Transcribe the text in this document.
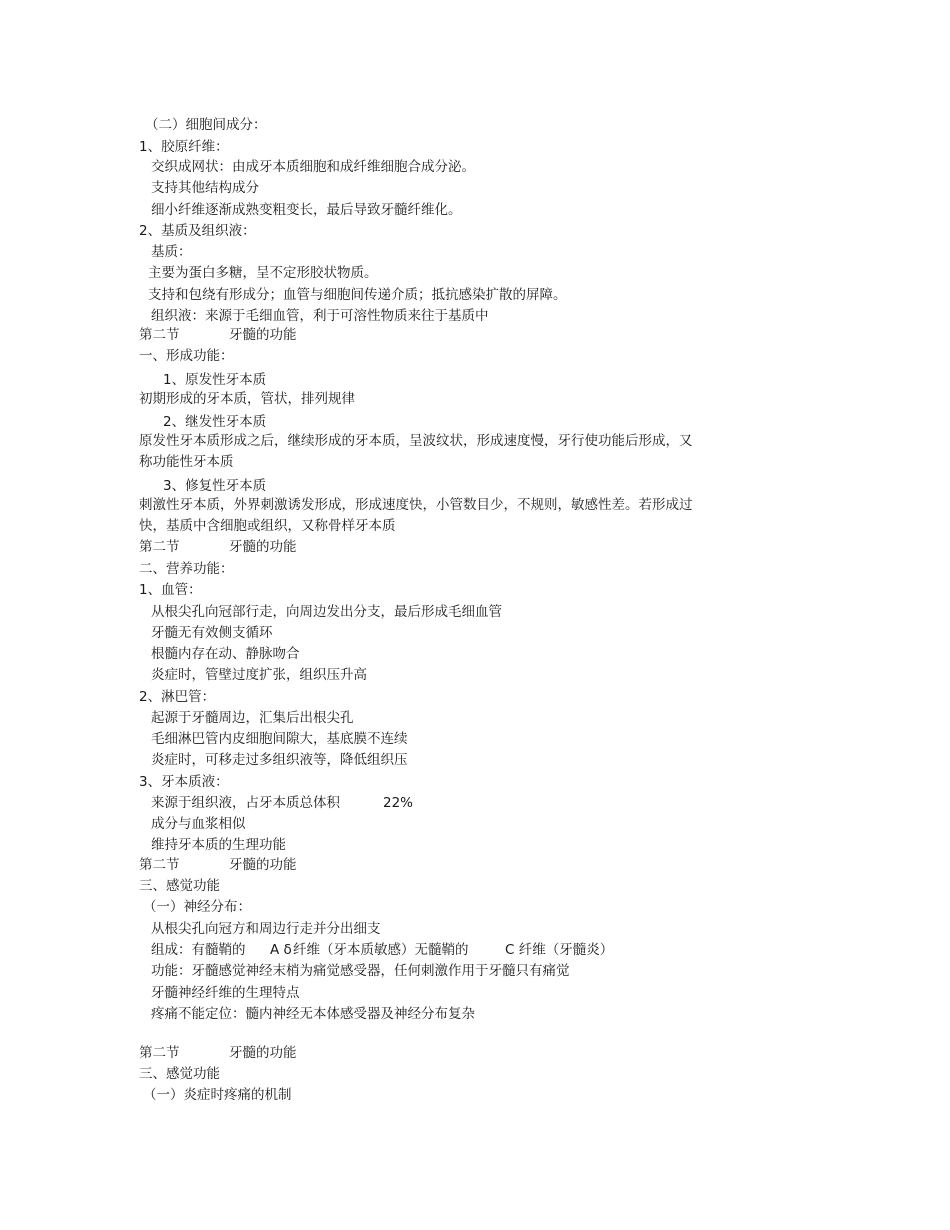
（二）细胞间成分：
1、胶原纤维：
交织成网状：由成牙本质细胞和成纤维细胞合成分泌。
支持其他结构成分
细小纤维逐渐成熟变粗变长，最后导致牙髓纤维化。
2、基质及组织液：
基质：
主要为蛋白多糖，呈不定形胶状物质。
支持和包绕有形成分；血管与细胞间传递介质；抵抗感染扩散的屏障。
组织液：来源于毛细血管，利于可溶性物质来往于基质中
第二节	牙髓的功能
一、形成功能：
1、原发性牙本质
初期形成的牙本质，管状，排列规律
2、继发性牙本质
原发性牙本质形成之后，继续形成的牙本质，呈波纹状，形成速度慢，牙行使功能后形成，又
称功能性牙本质
3、修复性牙本质
刺激性牙本质，外界刺激诱发形成，形成速度快，小管数目少，不规则，敏感性差。若形成过
快，基质中含细胞或组织，又称骨样牙本质
第二节	牙髓的功能
二、营养功能：
1、血管：
从根尖孔向冠部行走，向周边发出分支，最后形成毛细血管
牙髓无有效侧支循环
根髓内存在动、静脉吻合
炎症时，管壁过度扩张，组织压升高
2、淋巴管：
起源于牙髓周边，汇集后出根尖孔
毛细淋巴管内皮细胞间隙大，基底膜不连续
炎症时，可移走过多组织液等，降低组织压
3、牙本质液：
来源于组织液，占牙本质总体积	22%
成分与血浆相似
维持牙本质的生理功能
第二节	牙髓的功能
三、感觉功能
（一）神经分布：
从根尖孔向冠方和周边行走并分出细支
组成：有髓鞘的 A δ 纤维（牙本质敏感）无髓鞘的	C 纤维（牙髓炎）
功能：牙髓感觉神经末梢为痛觉感受器，任何刺激作用于牙髓只有痛觉
牙髓神经纤维的生理特点
疼痛不能定位：髓内神经无本体感受器及神经分布复杂
第二节	牙髓的功能
三、感觉功能
（一）炎症时疼痛的机制
